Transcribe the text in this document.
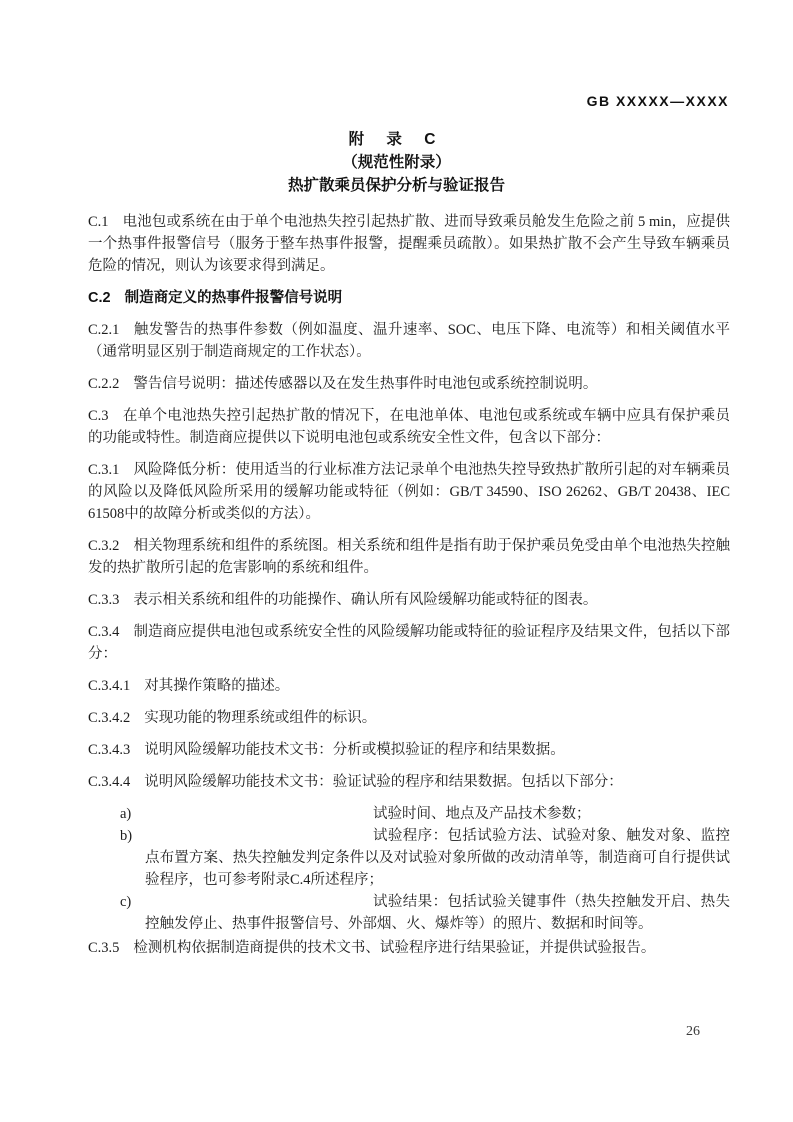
GB XXXXX—XXXX
附 录 C
（规范性附录）
热扩散乘员保护分析与验证报告

C.1 电池包或系统在由于单个电池热失控引起热扩散、进而导致乘员舱发生危险之前 5 min，应提供一个热事件报警信号（服务于整车热事件报警，提醒乘员疏散）。如果热扩散不会产生导致车辆乘员危险的情况，则认为该要求得到满足。

C.2 制造商定义的热事件报警信号说明

C.2.1 触发警告的热事件参数（例如温度、温升速率、SOC、电压下降、电流等）和相关阈值水平（通常明显区别于制造商规定的工作状态）。

C.2.2 警告信号说明：描述传感器以及在发生热事件时电池包或系统控制说明。

C.3 在单个电池热失控引起热扩散的情况下，在电池单体、电池包或系统或车辆中应具有保护乘员的功能或特性。制造商应提供以下说明电池包或系统安全性文件，包含以下部分：

C.3.1 风险降低分析：使用适当的行业标准方法记录单个电池热失控导致热扩散所引起的对车辆乘员的风险以及降低风险所采用的缓解功能或特征（例如：GB/T 34590、ISO 26262、GB/T 20438、IEC 61508中的故障分析或类似的方法）。

C.3.2 相关物理系统和组件的系统图。相关系统和组件是指有助于保护乘员免受由单个电池热失控触发的热扩散所引起的危害影响的系统和组件。

C.3.3 表示相关系统和组件的功能操作、确认所有风险缓解功能或特征的图表。

C.3.4 制造商应提供电池包或系统安全性的风险缓解功能或特征的验证程序及结果文件，包括以下部分：

C.3.4.1 对其操作策略的描述。

C.3.4.2 实现功能的物理系统或组件的标识。

C.3.4.3 说明风险缓解功能技术文书：分析或模拟验证的程序和结果数据。

C.3.4.4 说明风险缓解功能技术文书：验证试验的程序和结果数据。包括以下部分：

a)	试验时间、地点及产品技术参数；
b)	试验程序：包括试验方法、试验对象、触发对象、监控点布置方案、热失控触发判定条件以及对试验对象所做的改动清单等，制造商可自行提供试验程序，也可参考附录C.4所述程序；
c)	试验结果：包括试验关键事件（热失控触发开启、热失控触发停止、热事件报警信号、外部烟、火、爆炸等）的照片、数据和时间等。

C.3.5 检测机构依据制造商提供的技术文书、试验程序进行结果验证，并提供试验报告。

26
